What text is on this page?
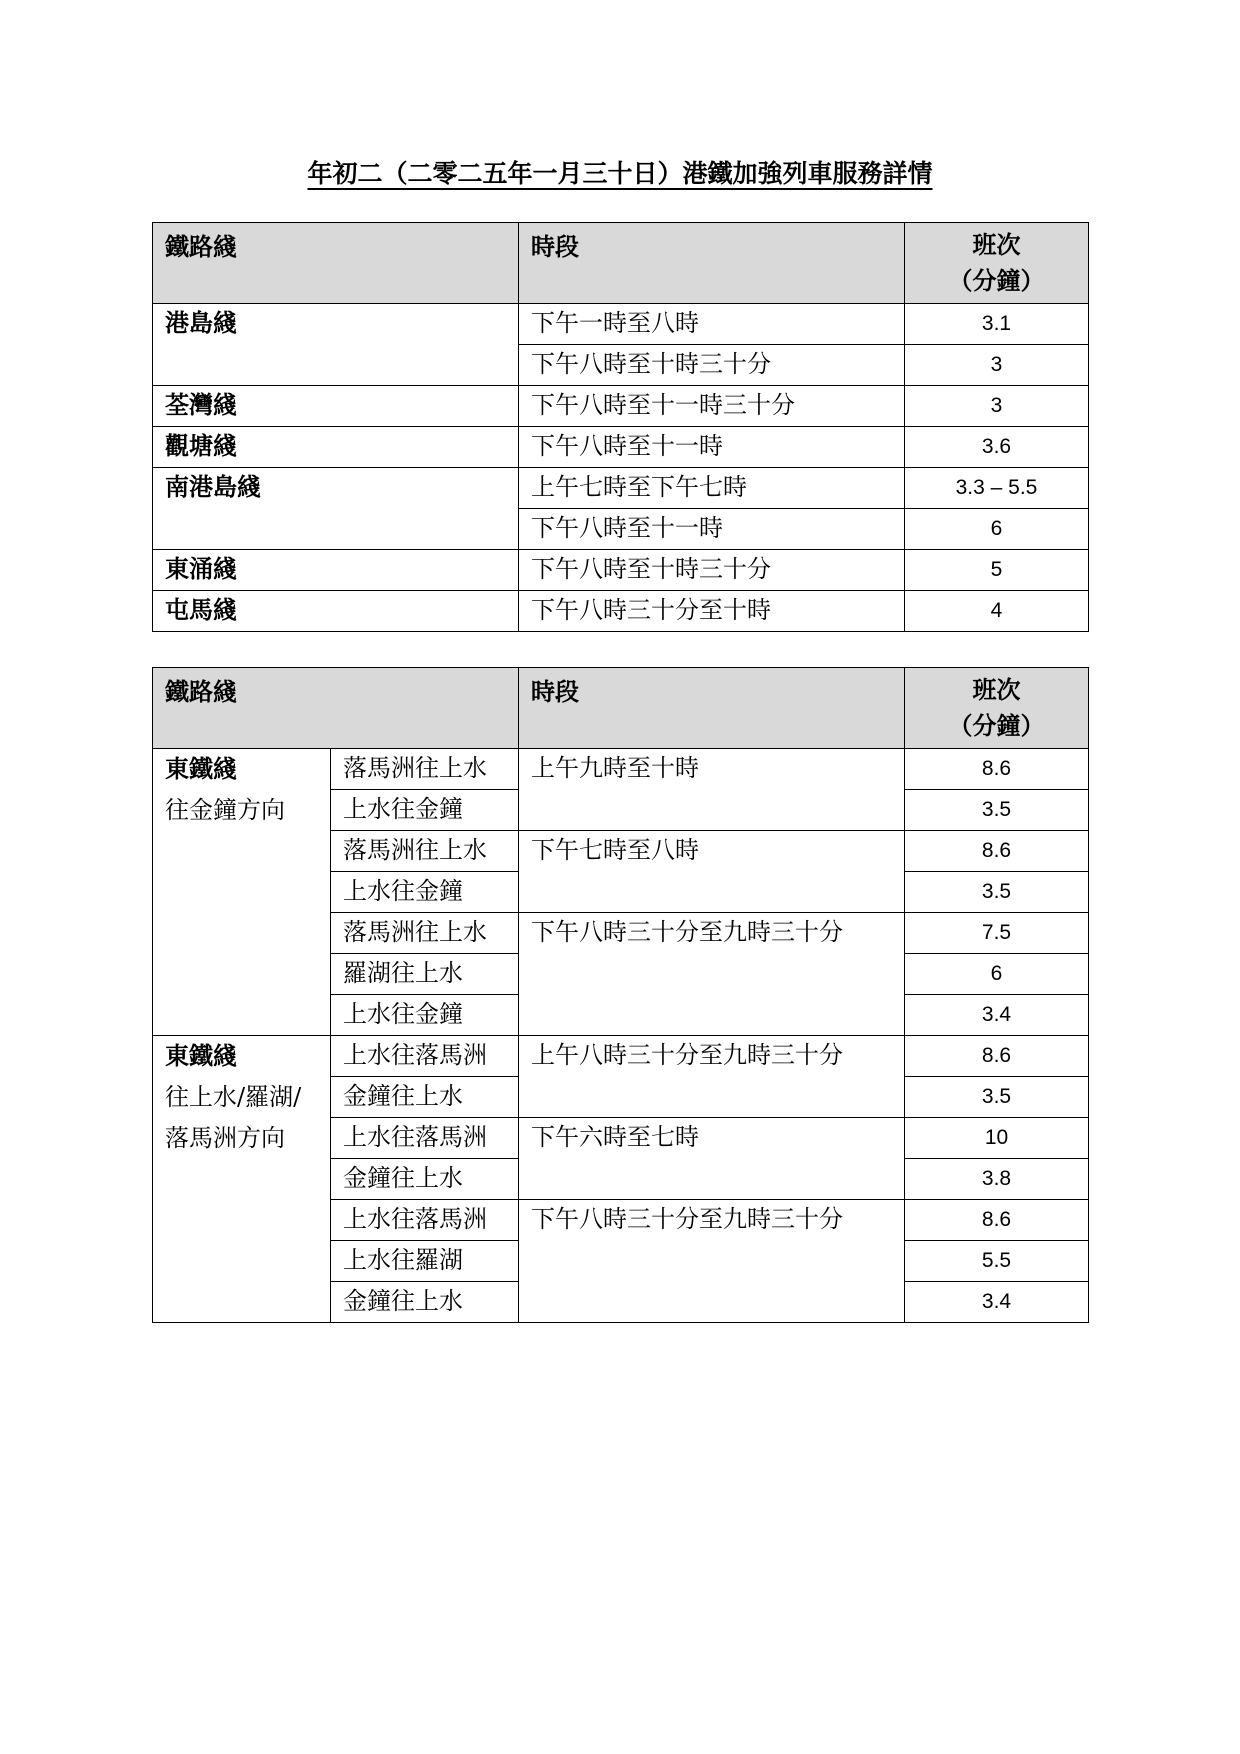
年初二（二零二五年一月三十日）港鐵加強列車服務詳情
鐵路綫	時段	班次
（分鐘）
港島綫	下午一時至八時	3.1
	下午八時至十時三十分	3
荃灣綫	下午八時至十一時三十分	3
觀塘綫	下午八時至十一時	3.6
南港島綫	上午七時至下午七時	3.3 – 5.5
	下午八時至十一時	6
東涌綫	下午八時至十時三十分	5
屯馬綫	下午八時三十分至十時	4
鐵路綫		時段	班次
（分鐘）

東鐵綫
往金鐘方向	落馬洲往上水	上午九時至十時	8.6
	上水往金鐘		3.5
	落馬洲往上水	下午七時至八時	8.6
	上水往金鐘		3.5
	落馬洲往上水	下午八時三十分至九時三十分	7.5
	羅湖往上水		6
	上水往金鐘		3.4

東鐵綫
往上水/羅湖/
落馬洲方向	上水往落馬洲	上午八時三十分至九時三十分	8.6
	金鐘往上水		3.5
	上水往落馬洲	下午六時至七時	10
	金鐘往上水		3.8
	上水往落馬洲	下午八時三十分至九時三十分	8.6
	上水往羅湖		5.5
	金鐘往上水		3.4
